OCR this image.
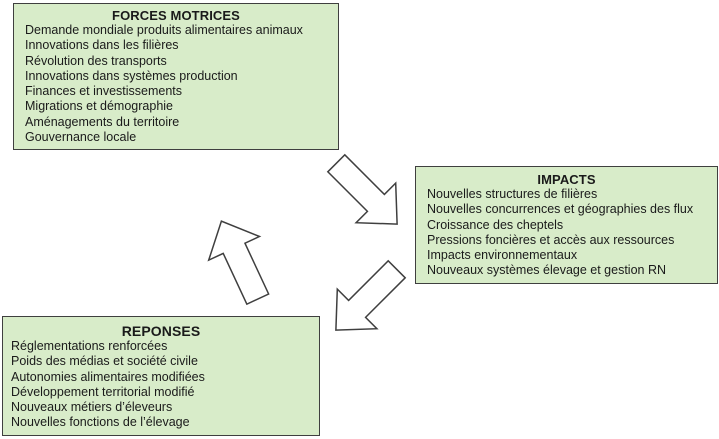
FORCES MOTRICES
Demande mondiale produits alimentaires animaux
Innovations dans les filières
Révolution des transports
Innovations dans systèmes production
Finances et investissements
Migrations et démographie
Aménagements du territoire
Gouvernance locale
IMPACTS
Nouvelles structures de filières
Nouvelles concurrences et géographies des flux
Croissance des cheptels
Pressions foncières et accès aux ressources
Impacts environnementaux
Nouveaux systèmes élevage et gestion RN
REPONSES
Réglementations renforcées
Poids des médias et société civile
Autonomies alimentaires modifiées
Développement territorial modifié
Nouveaux métiers d’éleveurs
Nouvelles fonctions de l’élevage
